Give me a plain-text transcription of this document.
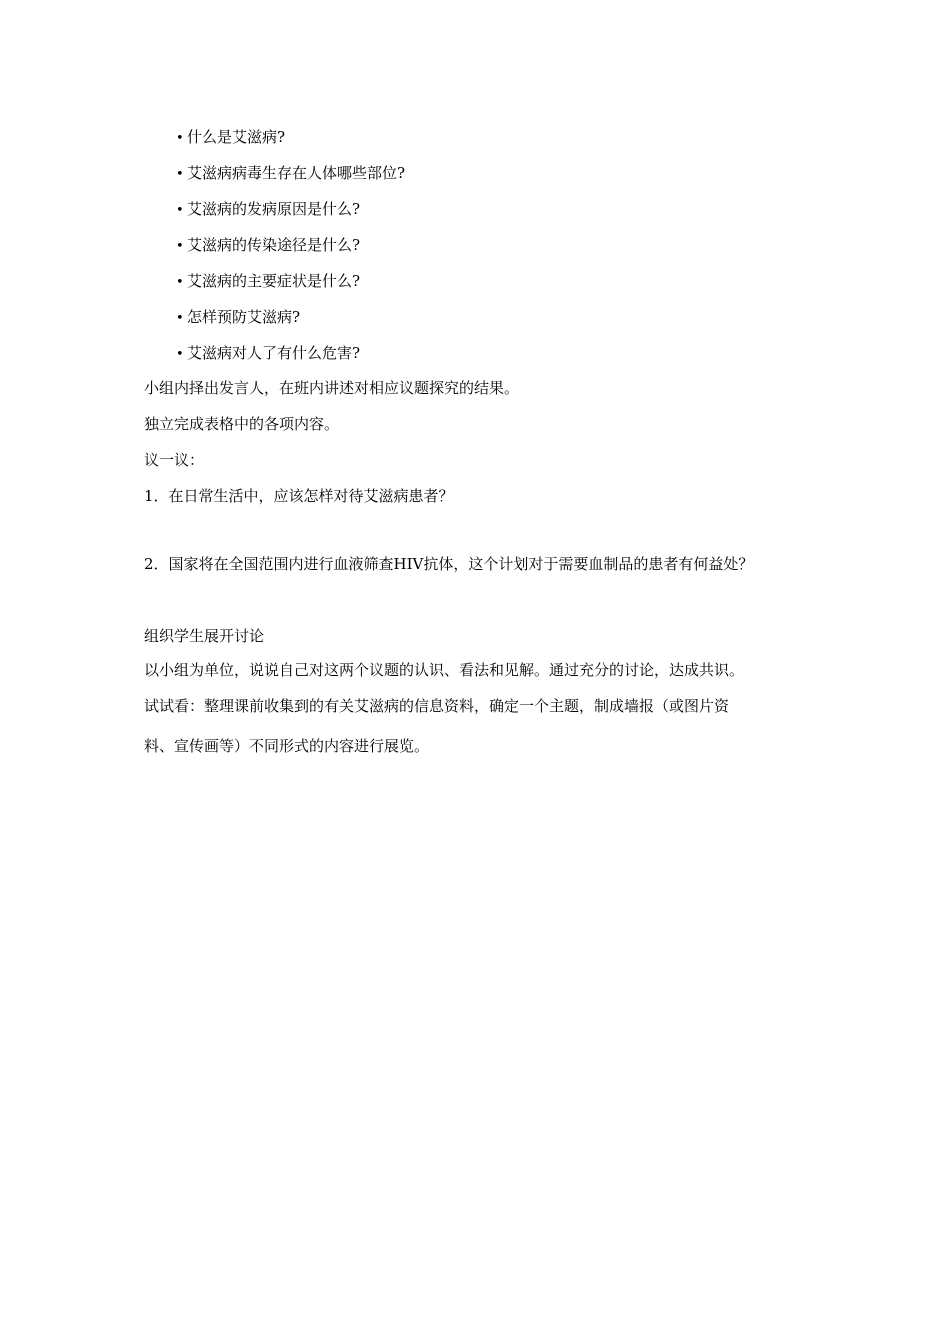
• 什么是艾滋病?
• 艾滋病病毒生存在人体哪些部位?
• 艾滋病的发病原因是什么?
• 艾滋病的传染途径是什么?
• 艾滋病的主要症状是什么?
• 怎样预防艾滋病?
• 艾滋病对人了有什么危害?
小组内择出发言人，在班内讲述对相应议题探究的结果。
独立完成表格中的各项内容。
议一议：
1．在日常生活中，应该怎样对待艾滋病患者？
2．国家将在全国范围内进行血液筛查HIV抗体，这个计划对于需要血制品的患者有何益处？
组织学生展开讨论
以小组为单位，说说自己对这两个议题的认识、看法和见解。通过充分的讨论，达成共识。
试试看：整理课前收集到的有关艾滋病的信息资料，确定一个主题，制成墙报（或图片资
料、宣传画等）不同形式的内容进行展览。
